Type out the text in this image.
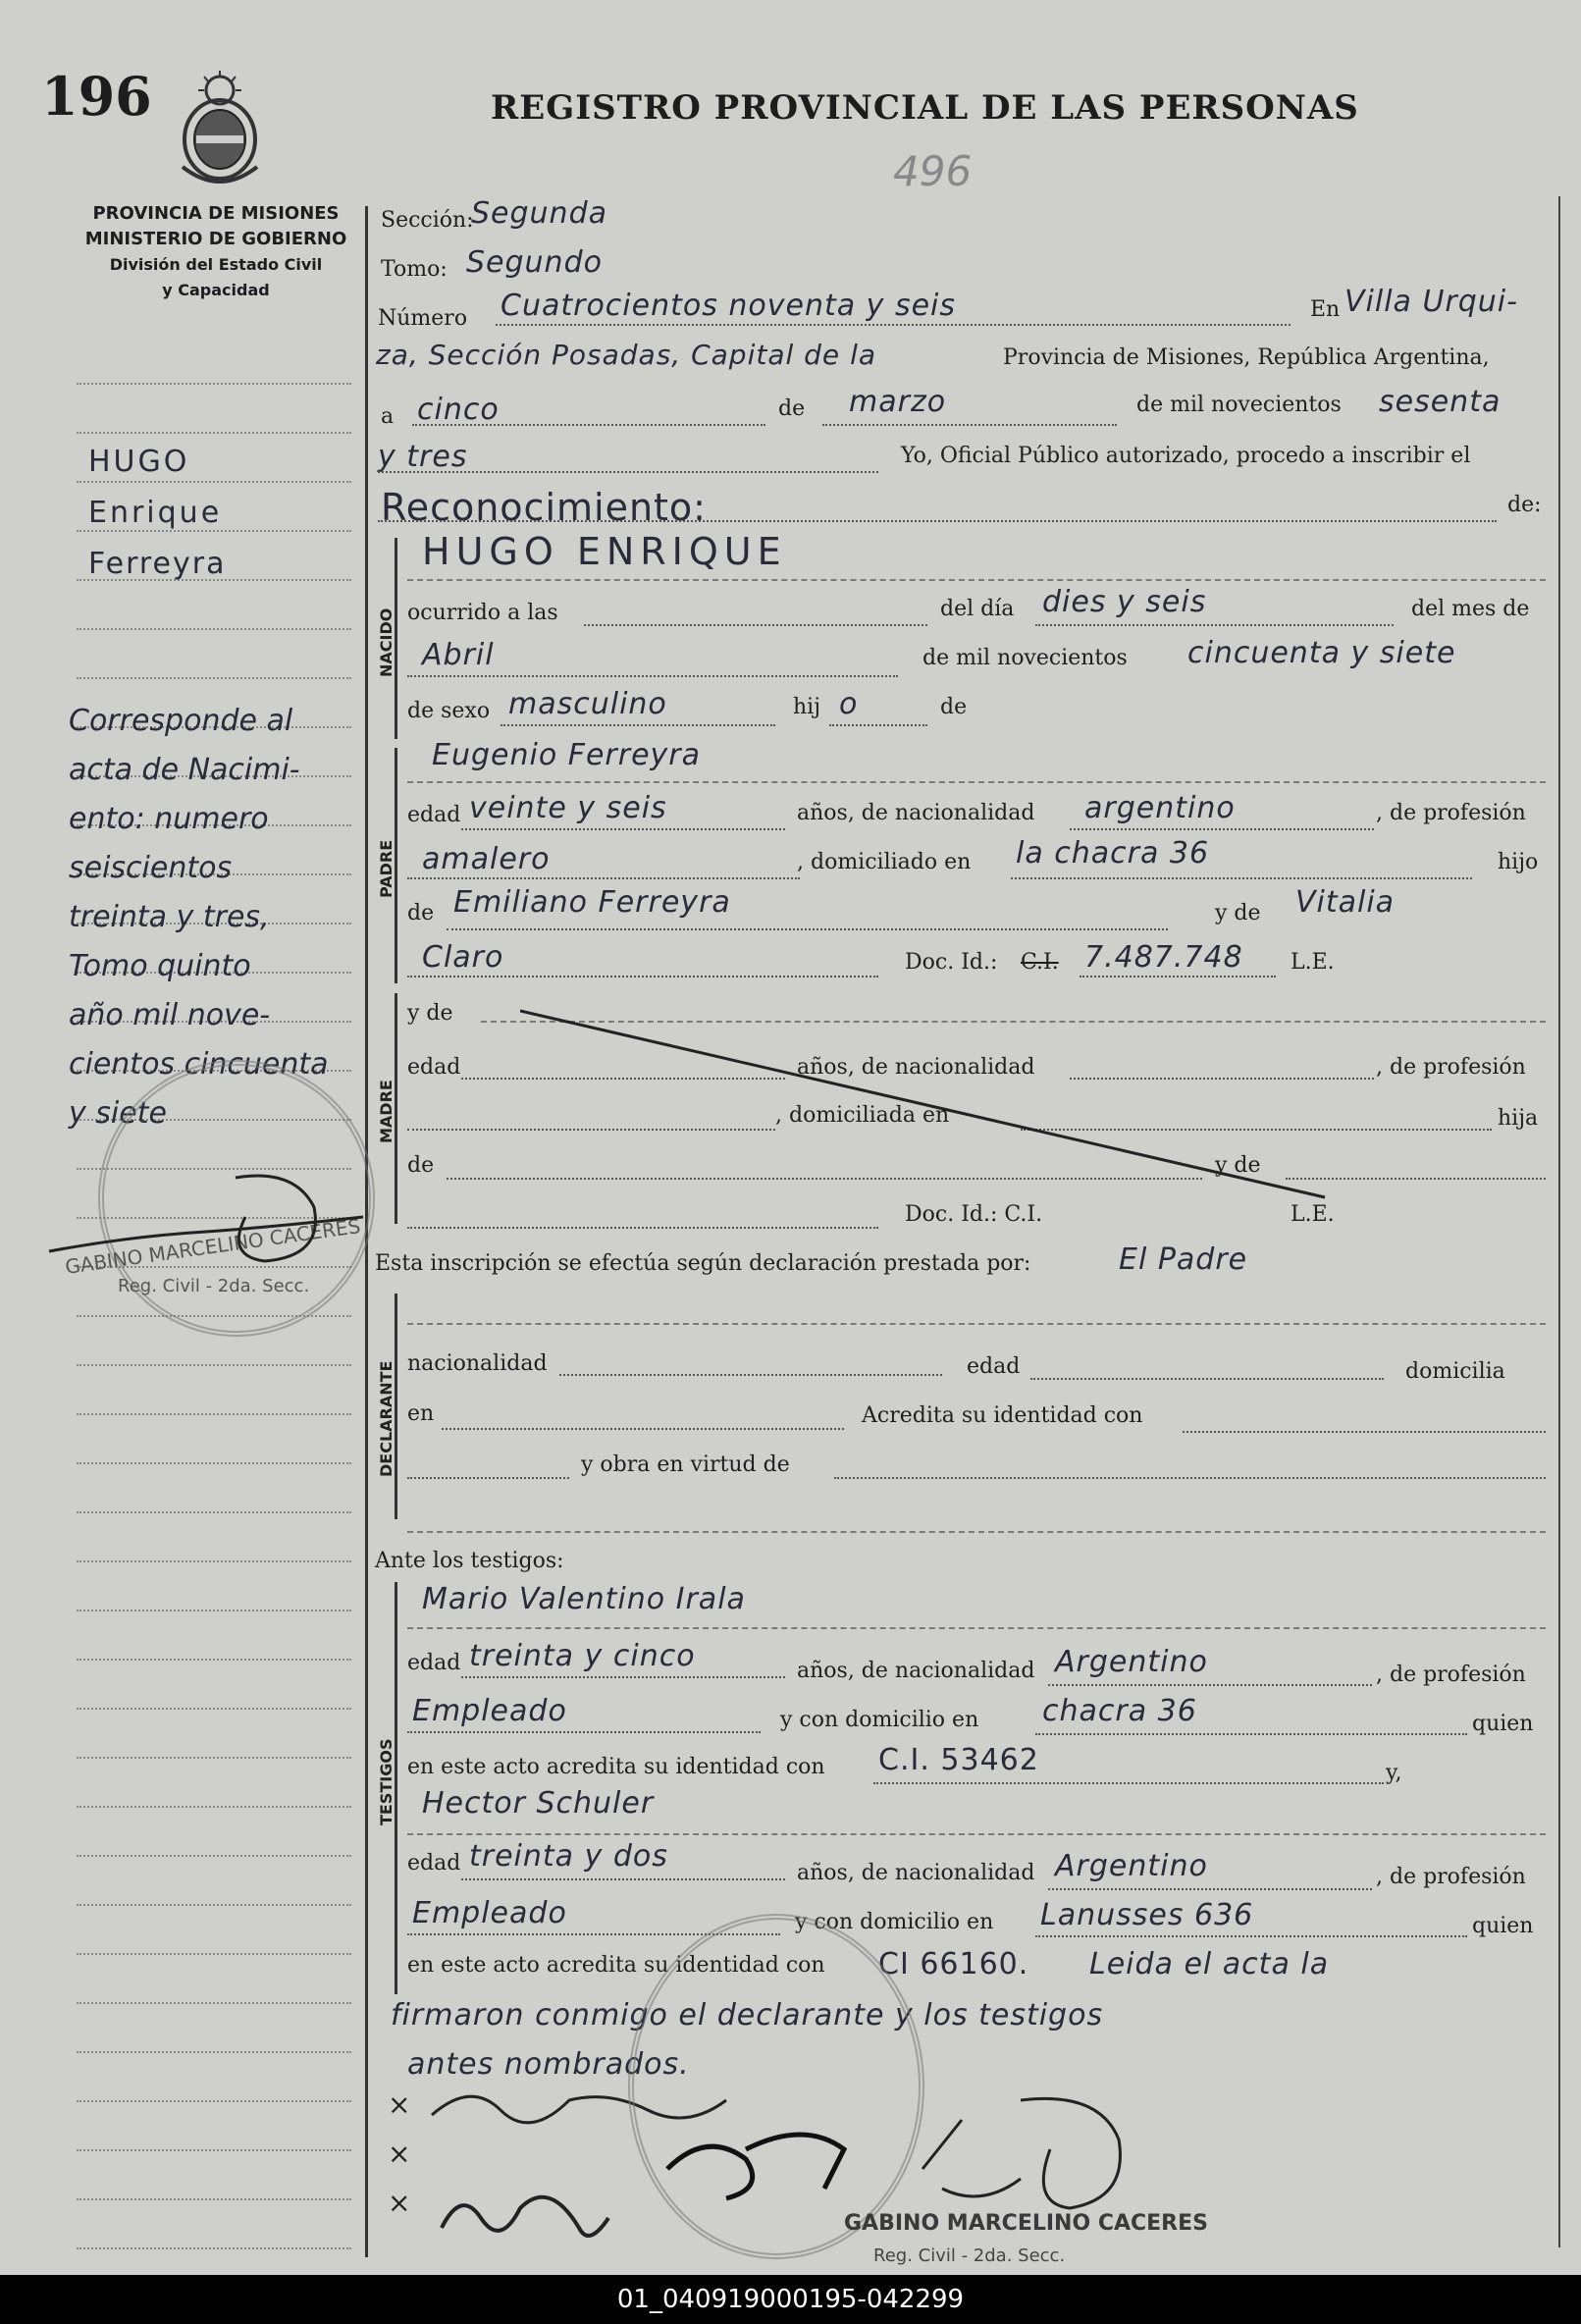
196	REGISTRO PROVINCIAL DE LAS PERSONAS
496
PROVINCIA DE MISIONES
MINISTERIO DE GOBIERNO
División del Estado Civil
y Capacidad
HUGO
Enrique
Ferreyra
Corresponde al
acta de Nacimi-
ento: numero
seiscientos
treinta y tres,
Tomo quinto
año mil nove-
cientos cincuenta
y siete
GABINO MARCELINO CACERES
Reg. Civil - 2da. Secc.
Sección:
Segunda
Tomo: Segundo
Número Cuatrocientos noventa y seis	En Villa Urqui-
za, Sección Posadas, Capital de la	Provincia de Misiones, República Argentina,
a cinco	de marzo	de mil novecientos sesenta
y tres	Yo, Oficial Público autorizado, procedo a inscribir el
Reconocimiento:	de:
NACIDO
HUGO ENRIQUE
ocurrido a las	del día dies y seis	del mes de
Abril	de mil novecientos cincuenta y siete
de sexo masculino	hij o	de
PADRE
Eugenio Ferreyra
edad veinte y seis	años, de nacionalidad argentino	, de profesión
amalero	, domiciliado en la chacra 36	hijo
de Emiliano Ferreyra	y de Vitalia
Claro	Doc. Id.: C.I. 7.487.748 L.E.
MADRE
y de
edad	años, de nacionalidad	, de profesión
, domiciliada en	hija
de	y de
Doc. Id.: C.I.	L.E.
Esta inscripción se efectúa según declaración prestada por:	El Padre
DECLARANTE nacionalidad	edad	domicilia
en	Acredita su identidad con
y obra en virtud de
Ante los testigos:
TESTIGOS
Mario Valentino Irala
edad treinta y cinco	años, de nacionalidad Argentino	, de profesión
Empleado	y con domicilio en chacra 36	quien
en este acto acredita su identidad con C.I. 53462	y,
Hector Schuler
edad treinta y dos	años, de nacionalidad Argentino	, de profesión
Empleado	y con domicilio en Lanusses 636	quien
en este acto acredita su identidad con CI 66160. Leida el acta la
firmaron conmigo el declarante y los testigos
antes nombrados.
×
×
×
GABINO MARCELINO CACERES
Reg. Civil - 2da. Secc.
01_040919000195-042299
